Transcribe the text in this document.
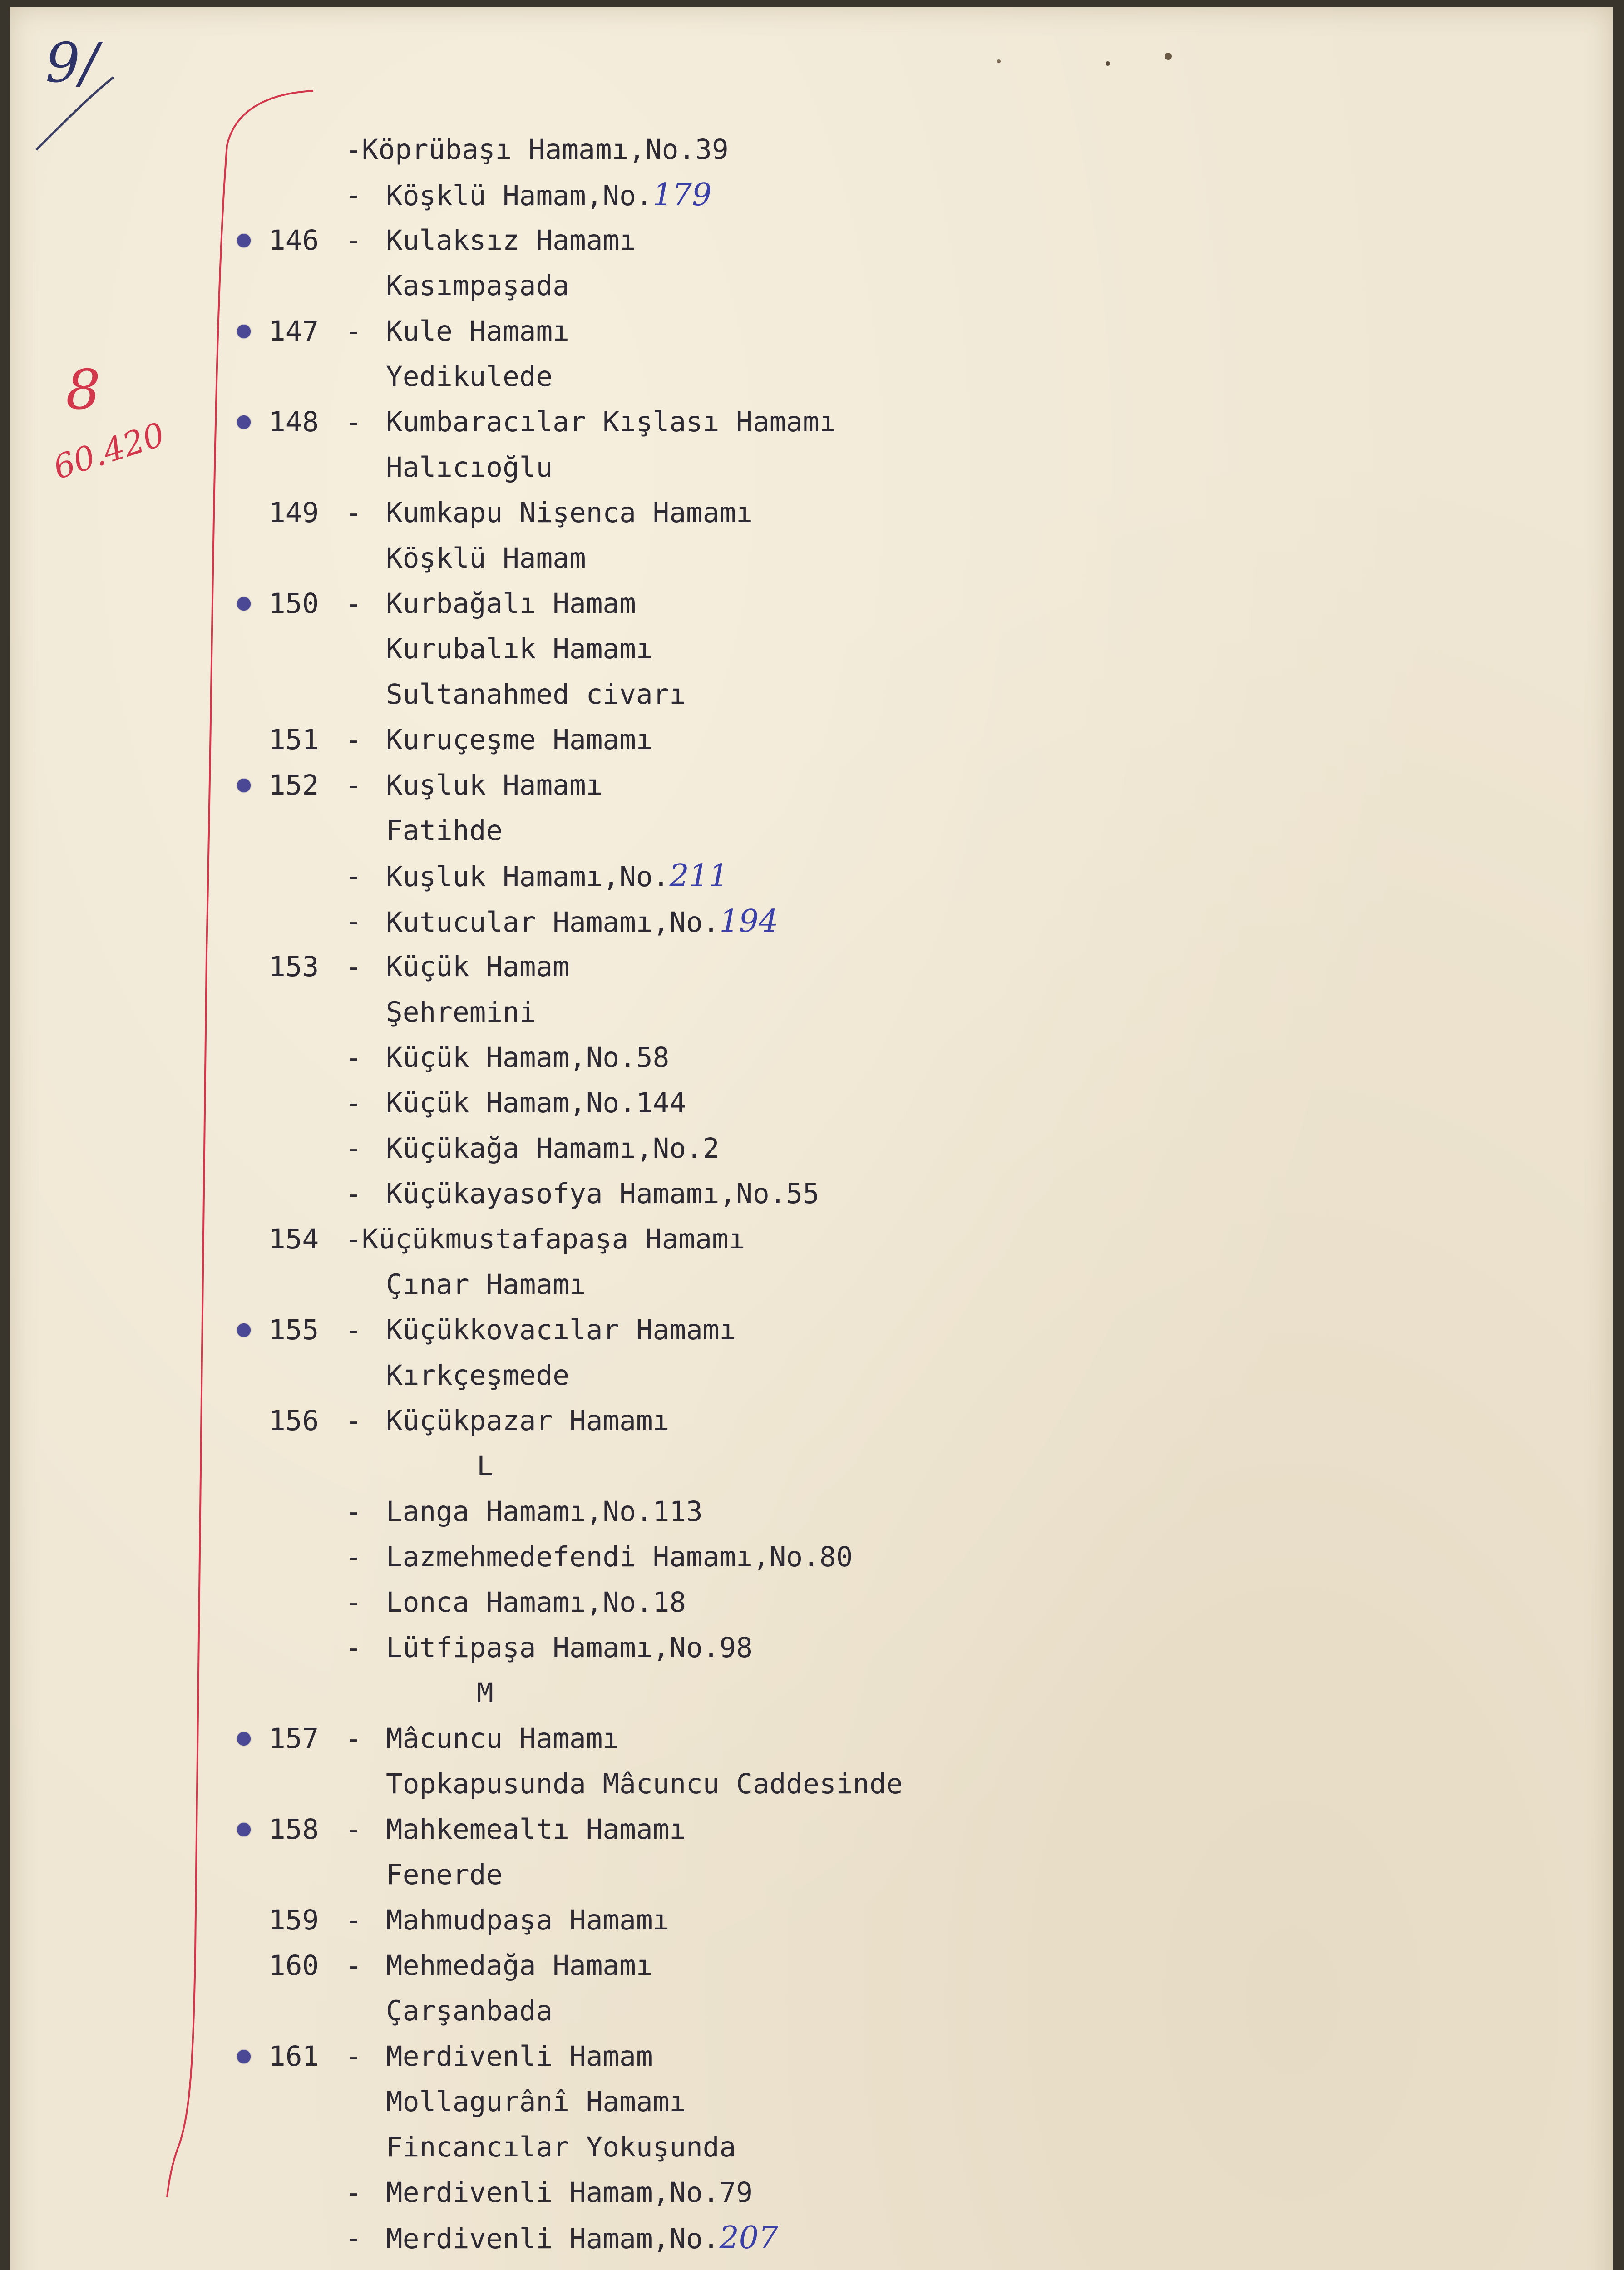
9/
8
60.420
-Köprübaşı Hamamı,No.39
- Köşklü Hamam,No.179
146 - Kulaksız Hamamı
Kasımpaşada
147 - Kule Hamamı
Yedikulede
148 - Kumbaracılar Kışlası Hamamı
Halıcıoğlu
149 - Kumkapu Nişenca Hamamı
Köşklü Hamam
150 - Kurbağalı Hamam
Kurubalık Hamamı
Sultanahmed civarı
151 - Kuruçeşme Hamamı
152 - Kuşluk Hamamı
Fatihde
- Kuşluk Hamamı,No.211
- Kutucular Hamamı,No.194
153 - Küçük Hamam
Şehremini
- Küçük Hamam,No.58
- Küçük Hamam,No.144
- Küçükağa Hamamı,No.2
- Küçükayasofya Hamamı,No.55
154 -Küçükmustafapaşa Hamamı
Çınar Hamamı
155 - Küçükkovacılar Hamamı
Kırkçeşmede
156 - Küçükpazar Hamamı
L
- Langa Hamamı,No.113
- Lazmehmedefendi Hamamı,No.80
- Lonca Hamamı,No.18
- Lütfipaşa Hamamı,No.98
M
157 - Mâcuncu Hamamı
Topkapusunda Mâcuncu Caddesinde
158 - Mahkemealtı Hamamı
Fenerde
159 - Mahmudpaşa Hamamı
160 - Mehmedağa Hamamı
Çarşanbada
161 - Merdivenli Hamam
Mollagurânî Hamamı
Fincancılar Yokuşunda
- Merdivenli Hamam,No.79
- Merdivenli Hamam,No.207
